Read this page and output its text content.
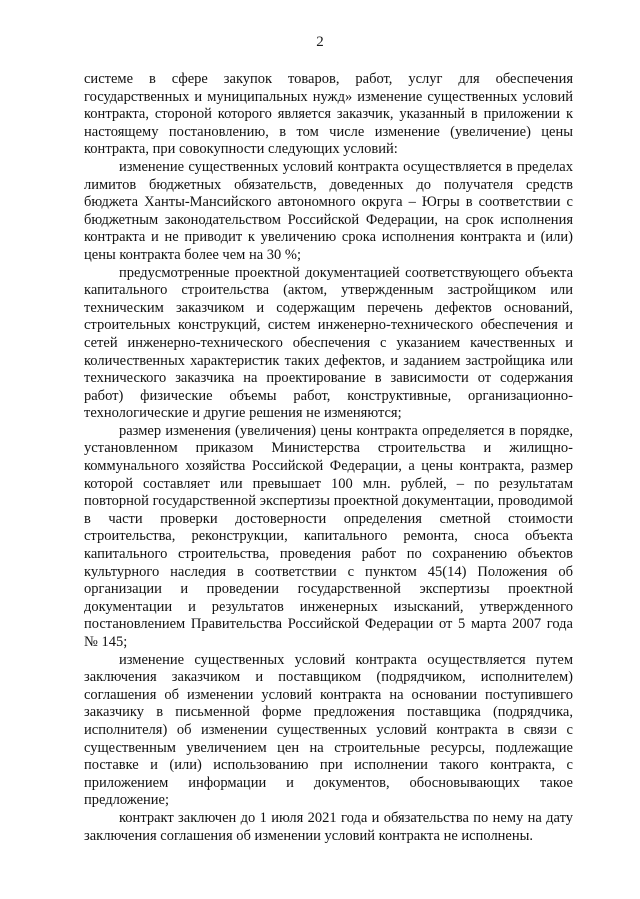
2

системе в сфере закупок товаров, работ, услуг для обеспечения государственных и муниципальных нужд» изменение существенных условий контракта, стороной которого является заказчик, указанный в приложении к настоящему постановлению, в том числе изменение (увеличение) цены контракта, при совокупности следующих условий:

изменение существенных условий контракта осуществляется в пределах лимитов бюджетных обязательств, доведенных до получателя средств бюджета Ханты-Мансийского автономного округа – Югры в соответствии с бюджетным законодательством Российской Федерации, на срок исполнения контракта и не приводит к увеличению срока исполнения контракта и (или) цены контракта более чем на 30 %;

предусмотренные проектной документацией соответствующего объекта капитального строительства (актом, утвержденным застройщиком или техническим заказчиком и содержащим перечень дефектов оснований, строительных конструкций, систем инженерно-технического обеспечения и сетей инженерно-технического обеспечения с указанием качественных и количественных характеристик таких дефектов, и заданием застройщика или технического заказчика на проектирование в зависимости от содержания работ) физические объемы работ, конструктивные, организационно-технологические и другие решения не изменяются;

размер изменения (увеличения) цены контракта определяется в порядке, установленном приказом Министерства строительства и жилищно-коммунального хозяйства Российской Федерации, а цены контракта, размер которой составляет или превышает 100 млн. рублей, – по результатам повторной государственной экспертизы проектной документации, проводимой в части проверки достоверности определения сметной стоимости строительства, реконструкции, капитального ремонта, сноса объекта капитального строительства, проведения работ по сохранению объектов культурного наследия в соответствии с пунктом 45(14) Положения об организации и проведении государственной экспертизы проектной документации и результатов инженерных изысканий, утвержденного постановлением Правительства Российской Федерации от 5 марта 2007 года № 145;

изменение существенных условий контракта осуществляется путем заключения заказчиком и поставщиком (подрядчиком, исполнителем) соглашения об изменении условий контракта на основании поступившего заказчику в письменной форме предложения поставщика (подрядчика, исполнителя) об изменении существенных условий контракта в связи с существенным увеличением цен на строительные ресурсы, подлежащие поставке и (или) использованию при исполнении такого контракта, с приложением информации и документов, обосновывающих такое предложение;

контракт заключен до 1 июля 2021 года и обязательства по нему на дату заключения соглашения об изменении условий контракта не исполнены.
